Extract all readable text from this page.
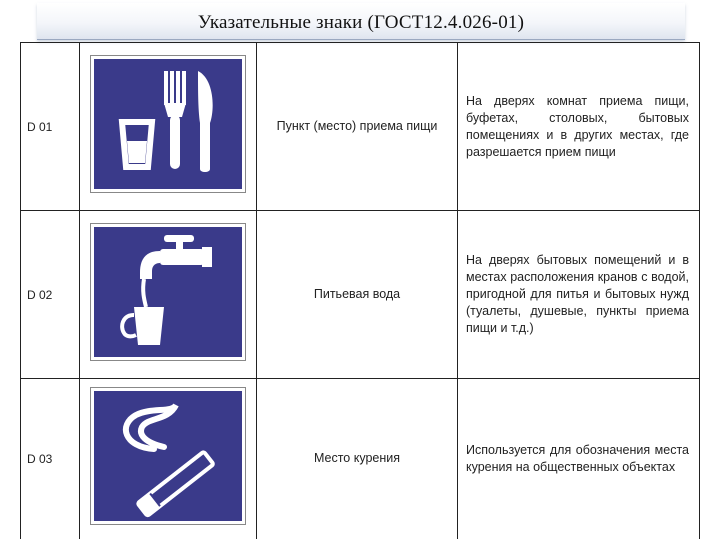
Указательные знаки (ГОСТ12.4.026-01)
D 01		Пункт (место) приема пищи	На дверях комнат приема пищи, буфетах, столовых, бытовых помещениях и в других местах, где разрешается прием пищи
D 02		Питьевая вода	На дверях бытовых помещений и в местах расположения кранов с водой, пригодной для питья и бытовых нужд (туалеты, душевые, пункты приема пищи и т.д.)
D 03		Место курения	Используется для обозначения места курения на общественных объектах
